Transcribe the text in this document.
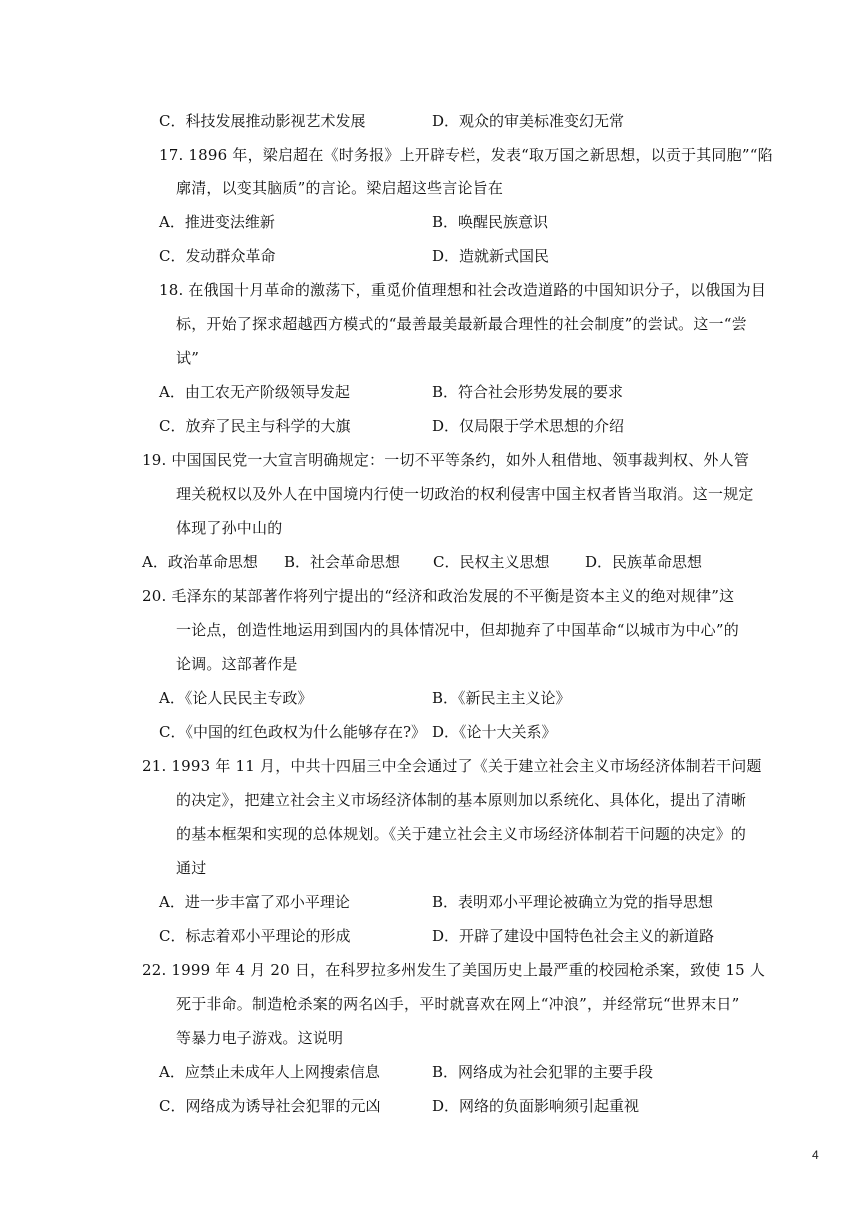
C．科技发展推动影视艺术发展	D．观众的审美标准变幻无常
17. 1896 年，梁启超在《时务报》上开辟专栏，发表“取万国之新思想，以贡于其同胞”“陷
廓清，以变其脑质”的言论。梁启超这些言论旨在
A．推进变法维新	B．唤醒民族意识
C．发动群众革命	D．造就新式国民
18. 在俄国十月革命的激荡下，重觅价值理想和社会改造道路的中国知识分子，以俄国为目
标，开始了探求超越西方模式的“最善最美最新最合理性的社会制度”的尝试。这一“尝
试”
A．由工农无产阶级领导发起	B．符合社会形势发展的要求
C．放弃了民主与科学的大旗	D．仅局限于学术思想的介绍
19. 中国国民党一大宣言明确规定：一切不平等条约，如外人租借地、领事裁判权、外人管
理关税权以及外人在中国境内行使一切政治的权利侵害中国主权者皆当取消。这一规定
体现了孙中山的
A．政治革命思想 B．社会革命思想 C．民权主义思想 D．民族革命思想
20. 毛泽东的某部著作将列宁提出的“经济和政治发展的不平衡是资本主义的绝对规律”这
一论点，创造性地运用到国内的具体情况中，但却抛弃了中国革命“以城市为中心”的
论调。这部著作是
A．《论人民民主专政》	B．《新民主主义论》
C．《中国的红色政权为什么能够存在?》 D．《论十大关系》
21. 1993 年 11 月，中共十四届三中全会通过了《关于建立社会主义市场经济体制若干问题
的决定》，把建立社会主义市场经济体制的基本原则加以系统化、具体化，提出了清晰
的基本框架和实现的总体规划。《关于建立社会主义市场经济体制若干问题的决定》的
通过
A．进一步丰富了邓小平理论	B．表明邓小平理论被确立为党的指导思想
C．标志着邓小平理论的形成	D．开辟了建设中国特色社会主义的新道路
22. 1999 年 4 月 20 日，在科罗拉多州发生了美国历史上最严重的校园枪杀案，致使 15 人
死于非命。制造枪杀案的两名凶手，平时就喜欢在网上“冲浪”，并经常玩“世界末日”
等暴力电子游戏。这说明
A．应禁止未成年人上网搜索信息	B．网络成为社会犯罪的主要手段
C．网络成为诱导社会犯罪的元凶	D．网络的负面影响须引起重视
4
